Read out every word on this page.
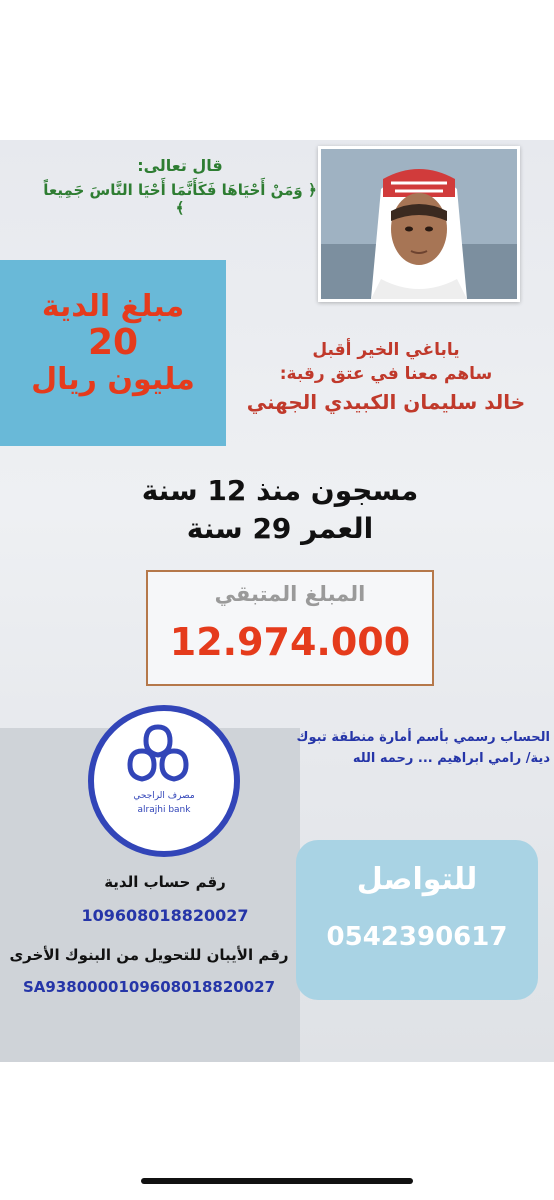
قال تعالى:
﴿ وَمَنْ أَحْيَاهَا فَكَأَنَّمَا أَحْيَا النَّاسَ جَمِيعاً ﴾
مبلغ الدية
20
مليون ريال
ياباغي الخير أقبل
ساهم معنا في عتق رقبة:
خالد سليمان الكبيدي الجهني
مسجون منذ 12 سنة
العمر 29 سنة
المبلغ المتبقي
12.974.000
مصرف الراجحي
alrajhi bank
الحساب رسمي بأسم أمارة منطقة تبوك
دية/ رامي ابراهيم ... رحمه الله
للتواصل
0542390617
رقم حساب الدية
109608018820027
رقم الأيبان للتحويل من البنوك الأخرى
SA9380000109608018820027
